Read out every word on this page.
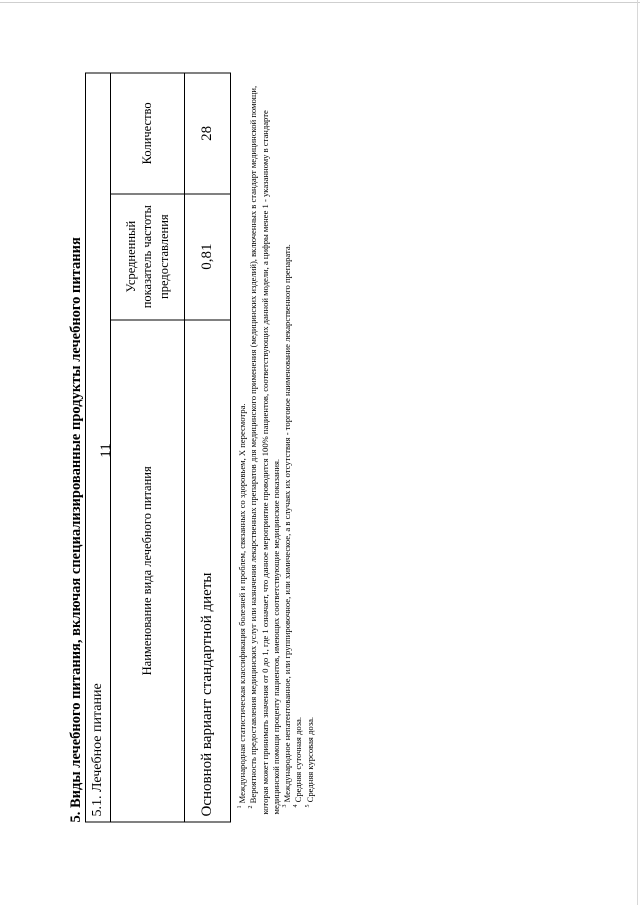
11
5. Виды лечебного питания, включая специализированные продукты лечебного питания 5.1. Лечебное питание		
Наименование вида лечебного питания	Усредненный показатель частоты предоставления	Количество
Основной вариант стандартной диеты	0,81	28

$^1$ Международная статистическая классификация болезней и проблем, связанных со здоровьем, X пересмотра.

$^2$ Вероятность предоставления медицинских услуг или назначения лекарственных препаратов для медицинского применения (медицинских изделий), включенных в стандарт медицинской помощи, которая может принимать значения от 0 до 1, где 1 означает, что данное мероприятие проводится 100% пациентов, соответствующих данной модели, а цифры менее 1 - указанному в стандарте медицинской помощи проценту пациентов, имеющих соответствующие медицинские показания. $^3$ Международное непатентованное, или группировочное, или химическое, а в случаях их отсутствия - торговое наименование лекарственного препарата.

$^4$ Средняя суточная доза.

$^5$ Средняя курсовая доза.
